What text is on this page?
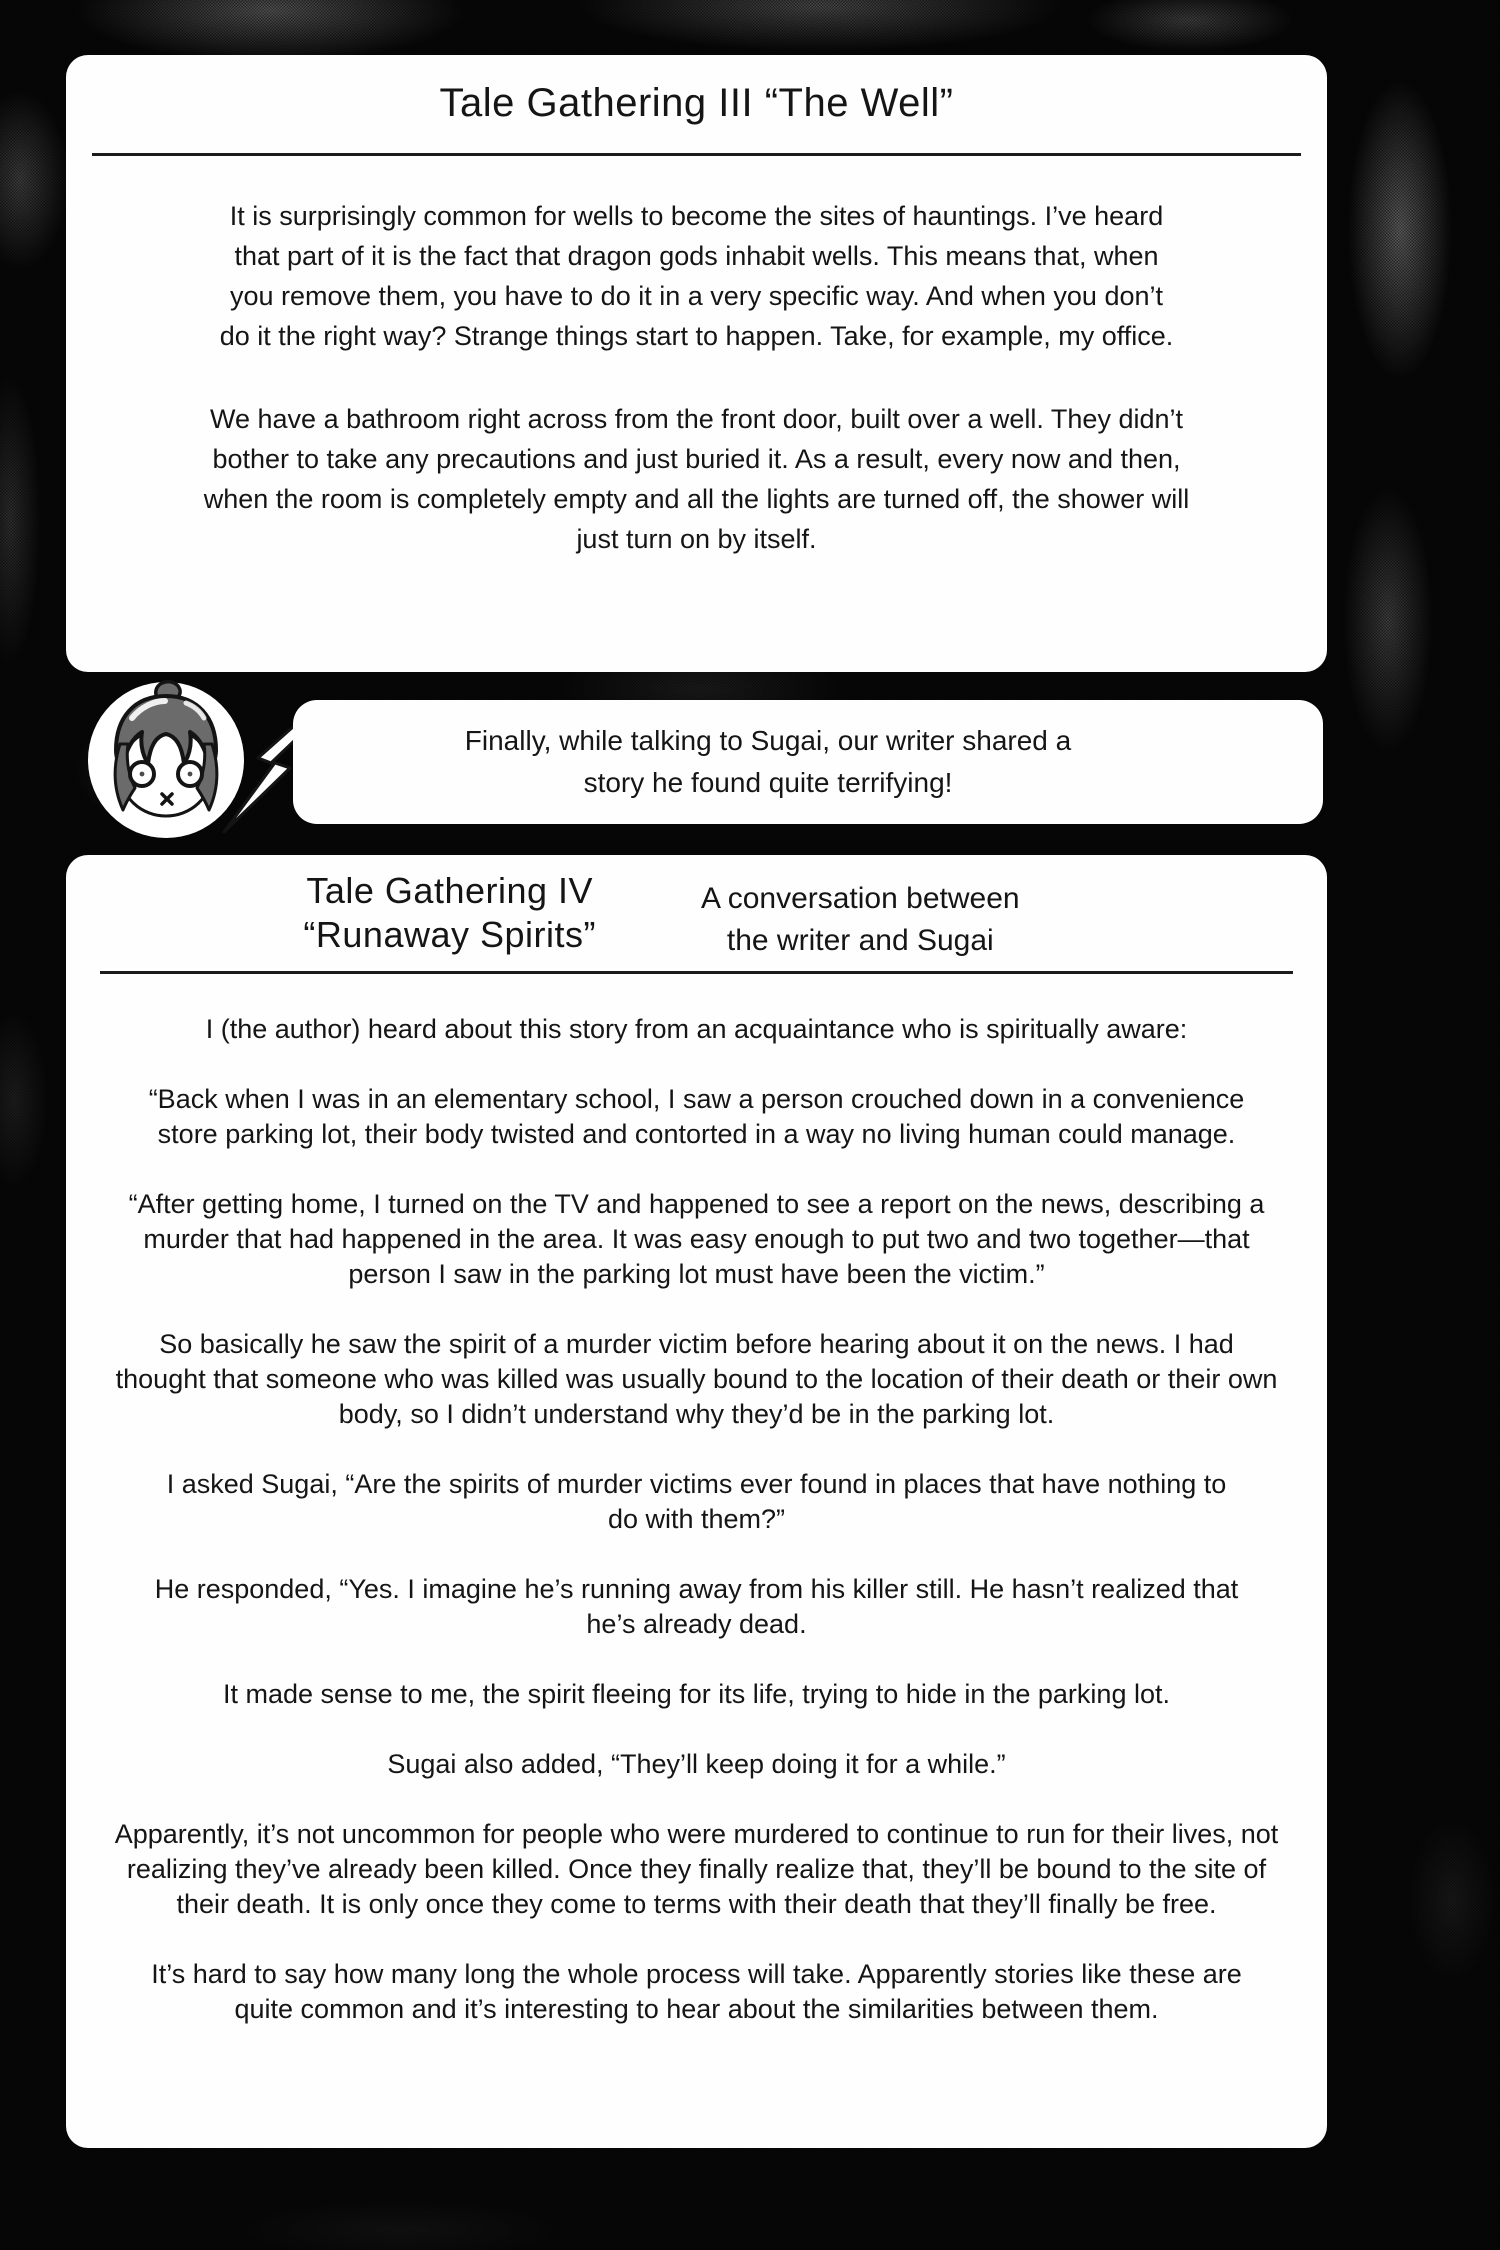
Tale Gathering III “The Well”

It is surprisingly common for wells to become the sites of hauntings. I’ve heard that part of it is the fact that dragon gods inhabit wells. This means that, when you remove them, you have to do it in a very specific way. And when you don’t do it the right way? Strange things start to happen. Take, for example, my office.

We have a bathroom right across from the front door, built over a well. They didn’t bother to take any precautions and just buried it. As a result, every now and then, when the room is completely empty and all the lights are turned off, the shower will just turn on by itself.

Finally, while talking to Sugai, our writer shared a story he found quite terrifying!

Tale Gathering IV
“Runaway Spirits”
A conversation between
the writer and Sugai

I (the author) heard about this story from an acquaintance who is spiritually aware:

“Back when I was in an elementary school, I saw a person crouched down in a convenience store parking lot, their body twisted and contorted in a way no living human could manage.

“After getting home, I turned on the TV and happened to see a report on the news, describing a murder that had happened in the area. It was easy enough to put two and two together—that person I saw in the parking lot must have been the victim.”

So basically he saw the spirit of a murder victim before hearing about it on the news. I had thought that someone who was killed was usually bound to the location of their death or their own body, so I didn’t understand why they’d be in the parking lot.

I asked Sugai, “Are the spirits of murder victims ever found in places that have nothing to do with them?”

He responded, “Yes. I imagine he’s running away from his killer still. He hasn’t realized that he’s already dead.

It made sense to me, the spirit fleeing for its life, trying to hide in the parking lot.

Sugai also added, “They’ll keep doing it for a while.”

Apparently, it’s not uncommon for people who were murdered to continue to run for their lives, not realizing they’ve already been killed. Once they finally realize that, they’ll be bound to the site of their death. It is only once they come to terms with their death that they’ll finally be free.

It’s hard to say how many long the whole process will take. Apparently stories like these are quite common and it’s interesting to hear about the similarities between them.
